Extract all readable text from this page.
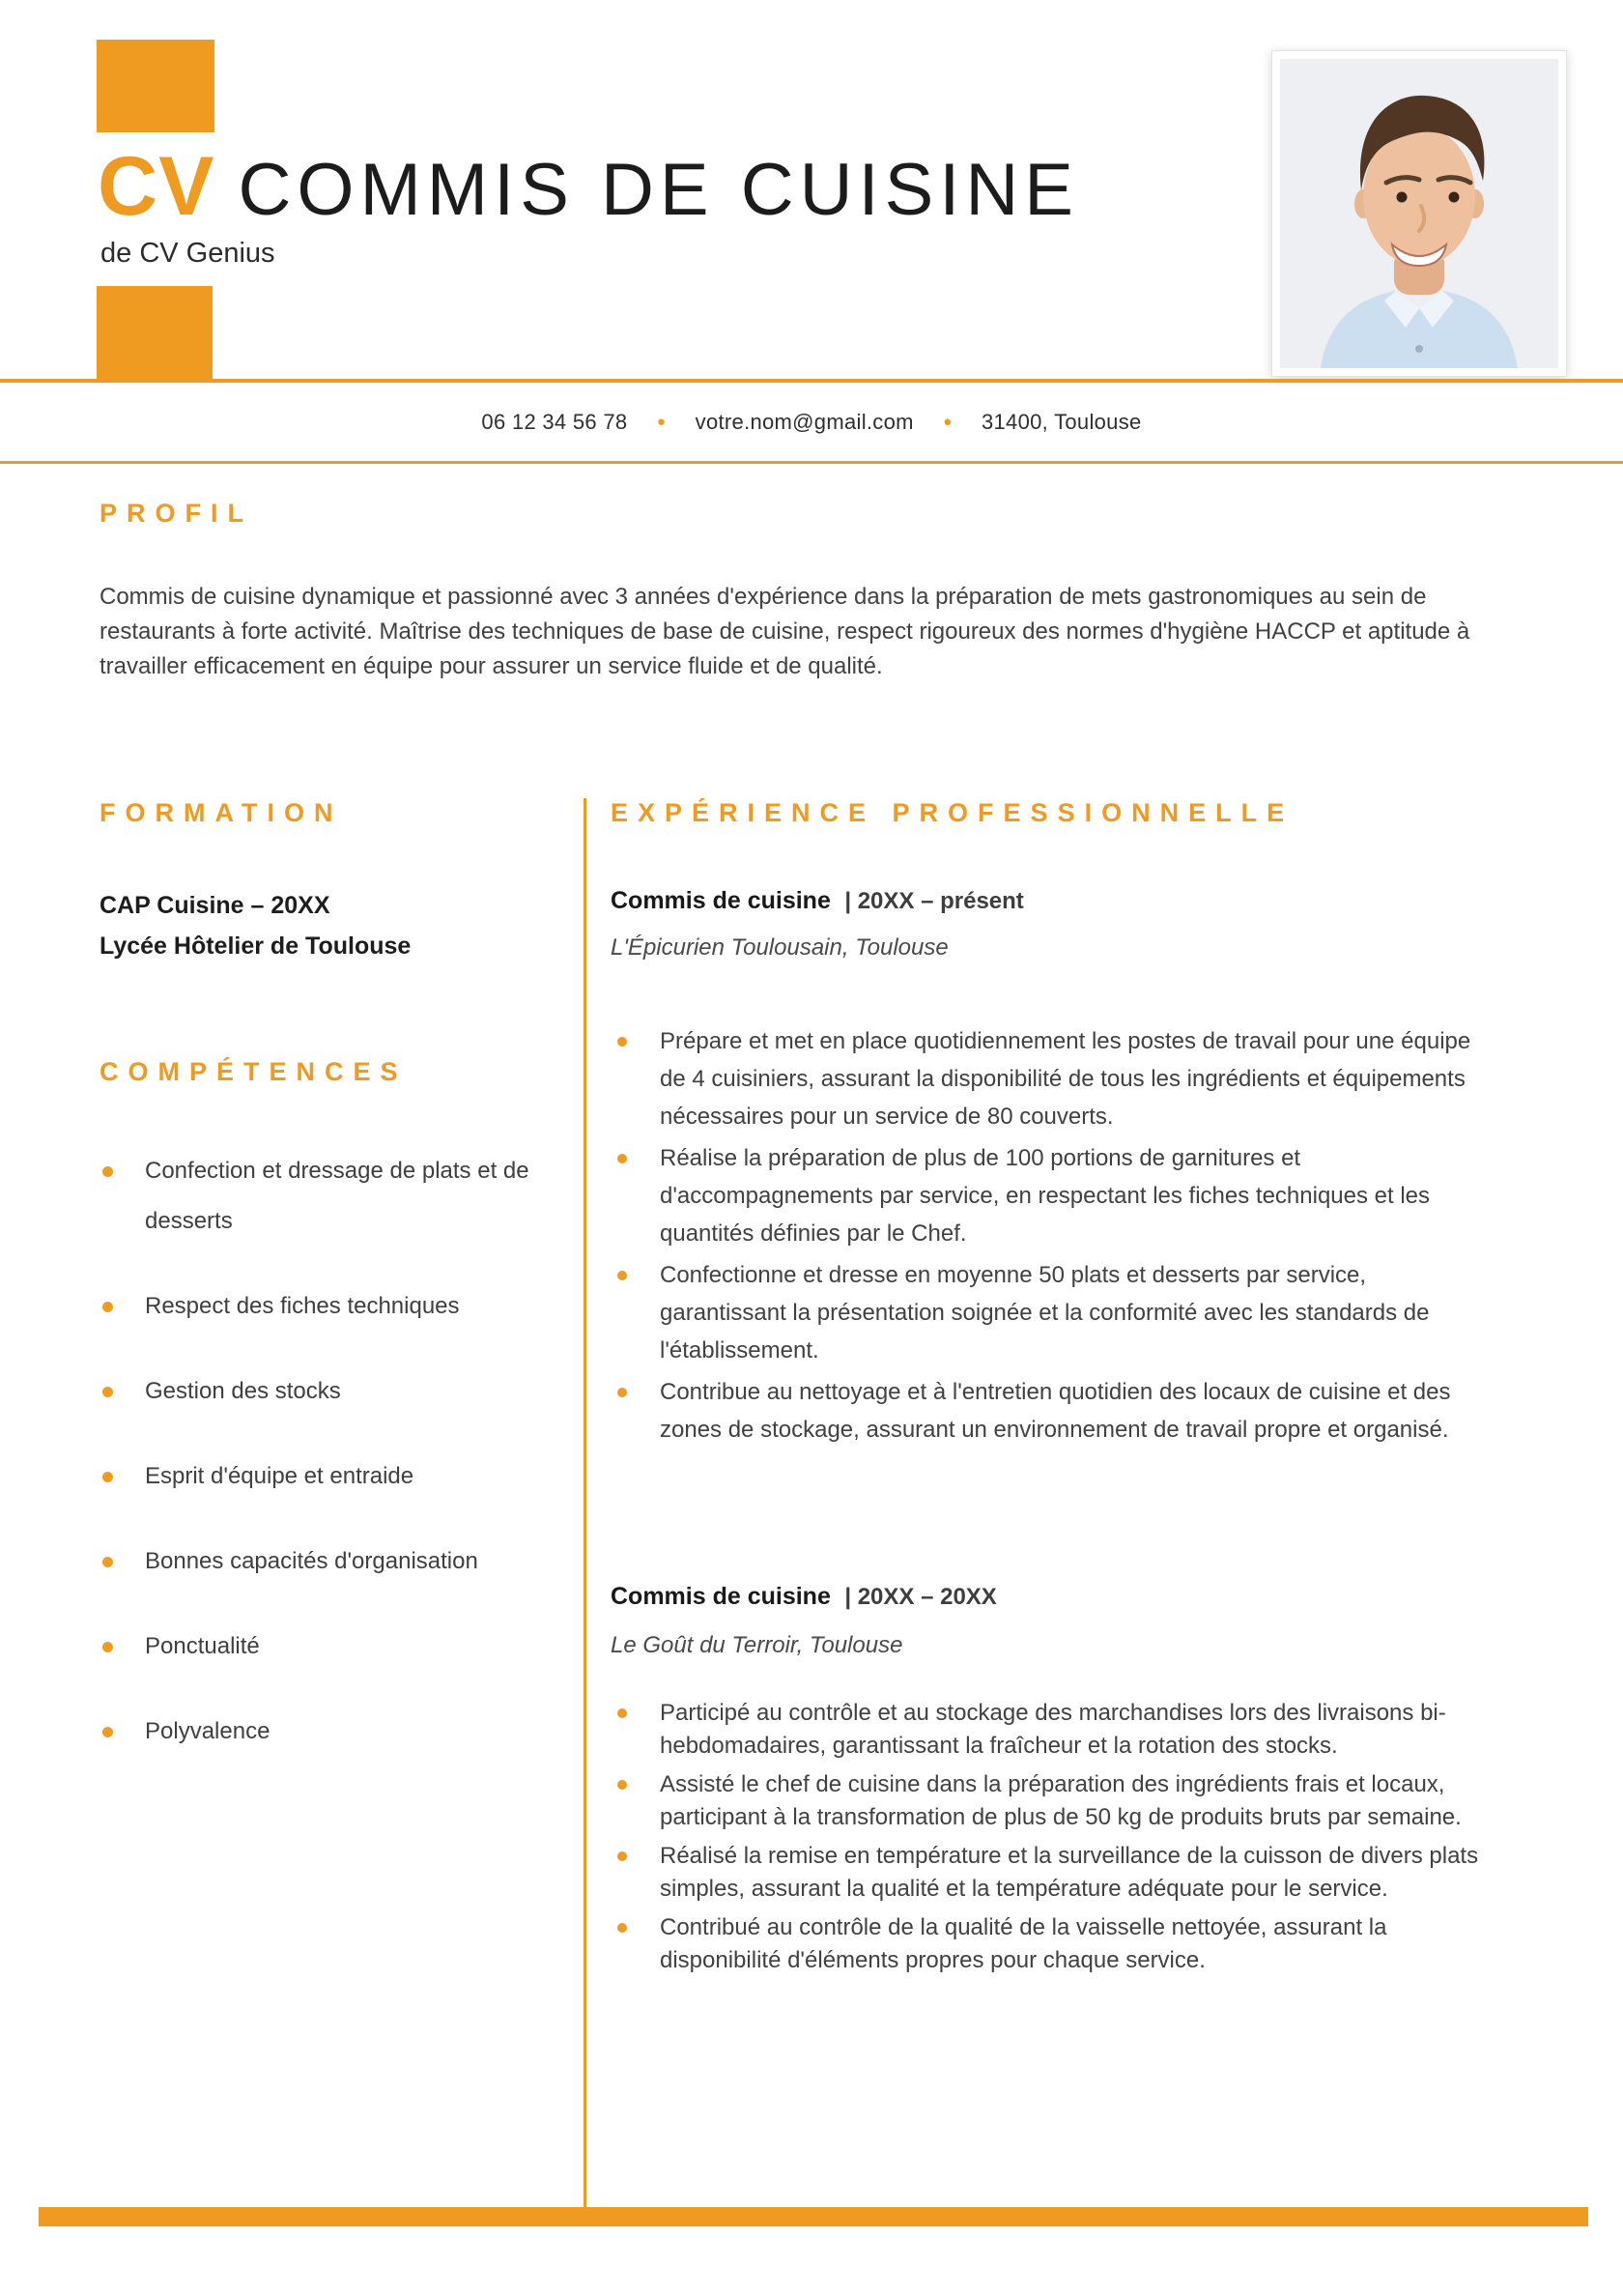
CV COMMIS DE CUISINE
de CV Genius
06 12 34 56 78 ● votre.nom@gmail.com ● 31400, Toulouse
PROFIL
Commis de cuisine dynamique et passionné avec 3 années d'expérience dans la préparation de mets gastronomiques au sein de restaurants à forte activité. Maîtrise des techniques de base de cuisine, respect rigoureux des normes d'hygiène HACCP et aptitude à travailler efficacement en équipe pour assurer un service fluide et de qualité.
FORMATION
CAP Cuisine – 20XX
Lycée Hôtelier de Toulouse
COMPÉTENCES
Confection et dressage de plats et de desserts
Respect des fiches techniques
Gestion des stocks
Esprit d'équipe et entraide
Bonnes capacités d'organisation
Ponctualité
Polyvalence
EXPÉRIENCE PROFESSIONNELLE
Commis de cuisine | 20XX – présent
L'Épicurien Toulousain, Toulouse
Prépare et met en place quotidiennement les postes de travail pour une équipe de 4 cuisiniers, assurant la disponibilité de tous les ingrédients et équipements nécessaires pour un service de 80 couverts.
Réalise la préparation de plus de 100 portions de garnitures et d'accompagnements par service, en respectant les fiches techniques et les quantités définies par le Chef.
Confectionne et dresse en moyenne 50 plats et desserts par service, garantissant la présentation soignée et la conformité avec les standards de l'établissement.
Contribue au nettoyage et à l'entretien quotidien des locaux de cuisine et des zones de stockage, assurant un environnement de travail propre et organisé.
Commis de cuisine | 20XX – 20XX
Le Goût du Terroir, Toulouse
Participé au contrôle et au stockage des marchandises lors des livraisons bi-hebdomadaires, garantissant la fraîcheur et la rotation des stocks.
Assisté le chef de cuisine dans la préparation des ingrédients frais et locaux, participant à la transformation de plus de 50 kg de produits bruts par semaine.
Réalisé la remise en température et la surveillance de la cuisson de divers plats simples, assurant la qualité et la température adéquate pour le service.
Contribué au contrôle de la qualité de la vaisselle nettoyée, assurant la disponibilité d'éléments propres pour chaque service.
